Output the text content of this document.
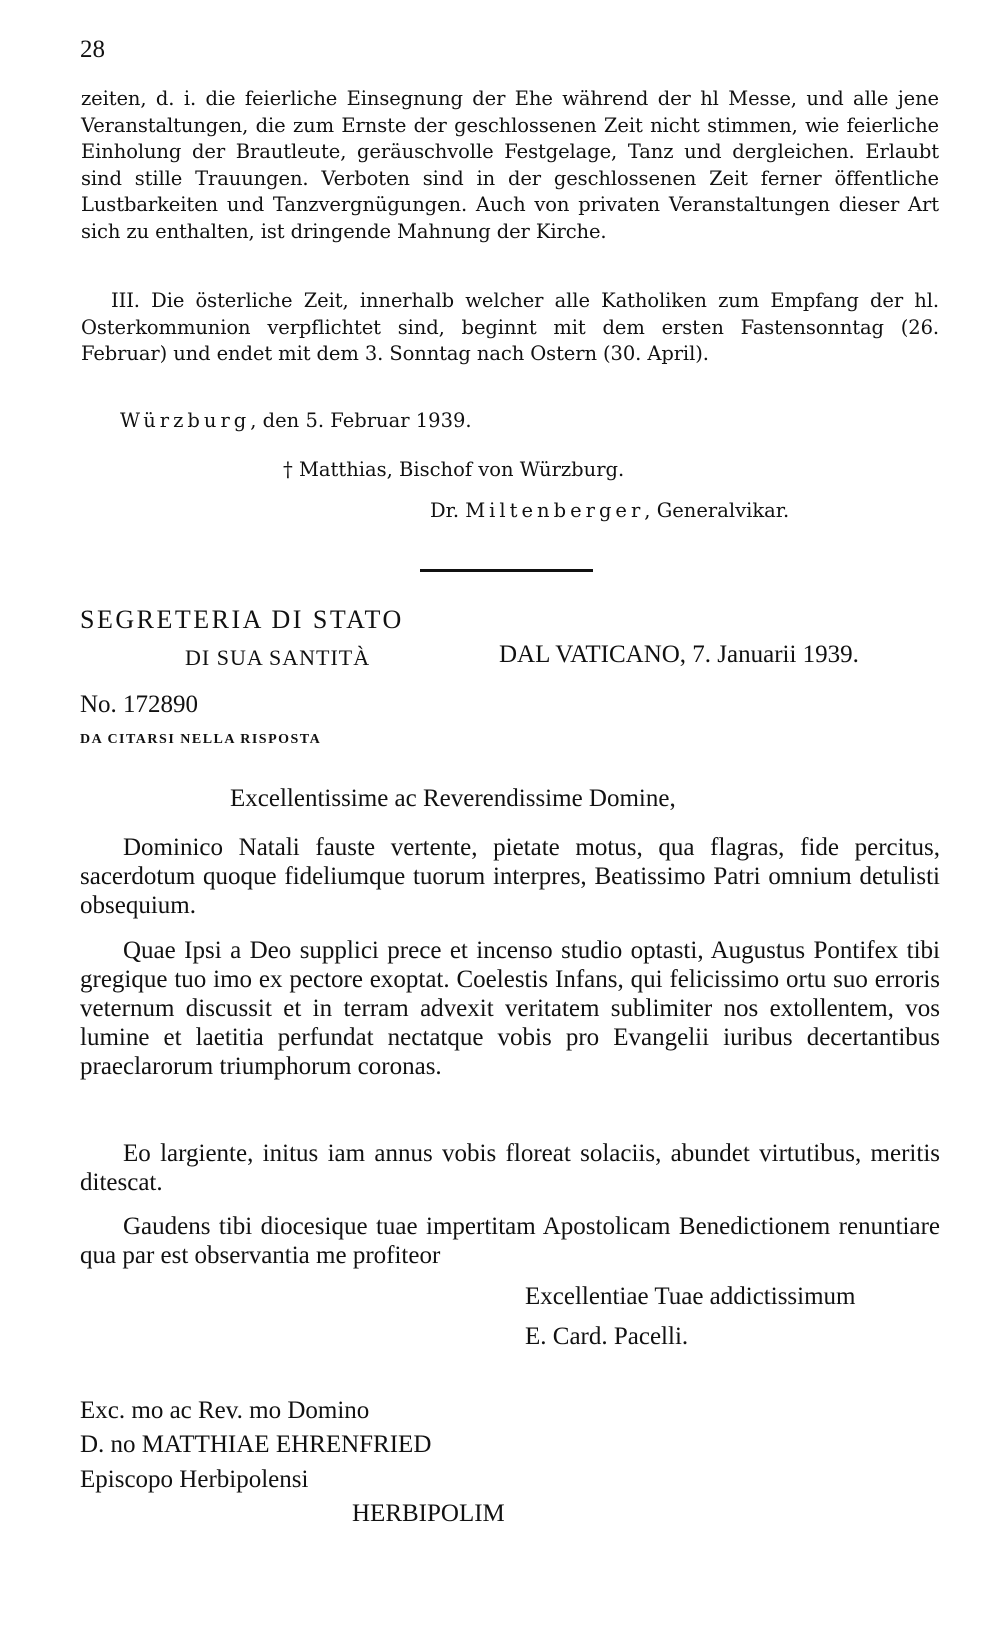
28

zeiten, d. i. die feierliche Einsegnung der Ehe während der hl Messe, und alle jene Veranstaltungen, die zum Ernste der geschlossenen Zeit nicht stimmen, wie feierliche Einholung der Brautleute, geräuschvolle Festgelage, Tanz und dergleichen. Erlaubt sind stille Trauungen. Verboten sind in der geschlossenen Zeit ferner öffentliche Lustbarkeiten und Tanzvergnügungen. Auch von privaten Veranstaltungen dieser Art sich zu enthalten, ist dringende Mahnung der Kirche.

III. Die österliche Zeit, innerhalb welcher alle Katholiken zum Empfang der hl. Osterkommunion verpflichtet sind, beginnt mit dem ersten Fastensonntag (26. Februar) und endet mit dem 3. Sonntag nach Ostern (30. April).

Würzburg, den 5. Februar 1939.
† Matthias, Bischof von Würzburg.
Dr. Miltenberger, Generalvikar.
SEGRETERIA DI STATO
DI SUA SANTITÀ	DAL VATICANO, 7. Januarii 1939.
No. 172890
DA CITARSI NELLA RISPOSTA
Excellentissime ac Reverendissime Domine,

Dominico Natali fauste vertente, pietate motus, qua flagras, fide percitus, sacerdotum quoque fideliumque tuorum interpres, Beatissimo Patri omnium detulisti obsequium.

Quae Ipsi a Deo supplici prece et incenso studio optasti, Augustus Pontifex tibi gregique tuo imo ex pectore exoptat. Coelestis Infans, qui felicissimo ortu suo erroris veternum discussit et in terram advexit veritatem sublimiter nos extollentem, vos lumine et laetitia perfundat nectatque vobis pro Evangelii iuribus decertantibus praeclarorum triumphorum coronas.

Eo largiente, initus iam annus vobis floreat solaciis, abundet virtutibus, meritis ditescat.

Gaudens tibi diocesique tuae impertitam Apostolicam Benedictionem renuntiare qua par est observantia me profiteor

Excellentiae Tuae addictissimum
E. Card. Pacelli.
Exc. mo ac Rev. mo Domino
D. no MATTHIAE EHRENFRIED
Episcopo Herbipolensi
HERBIPOLIM
